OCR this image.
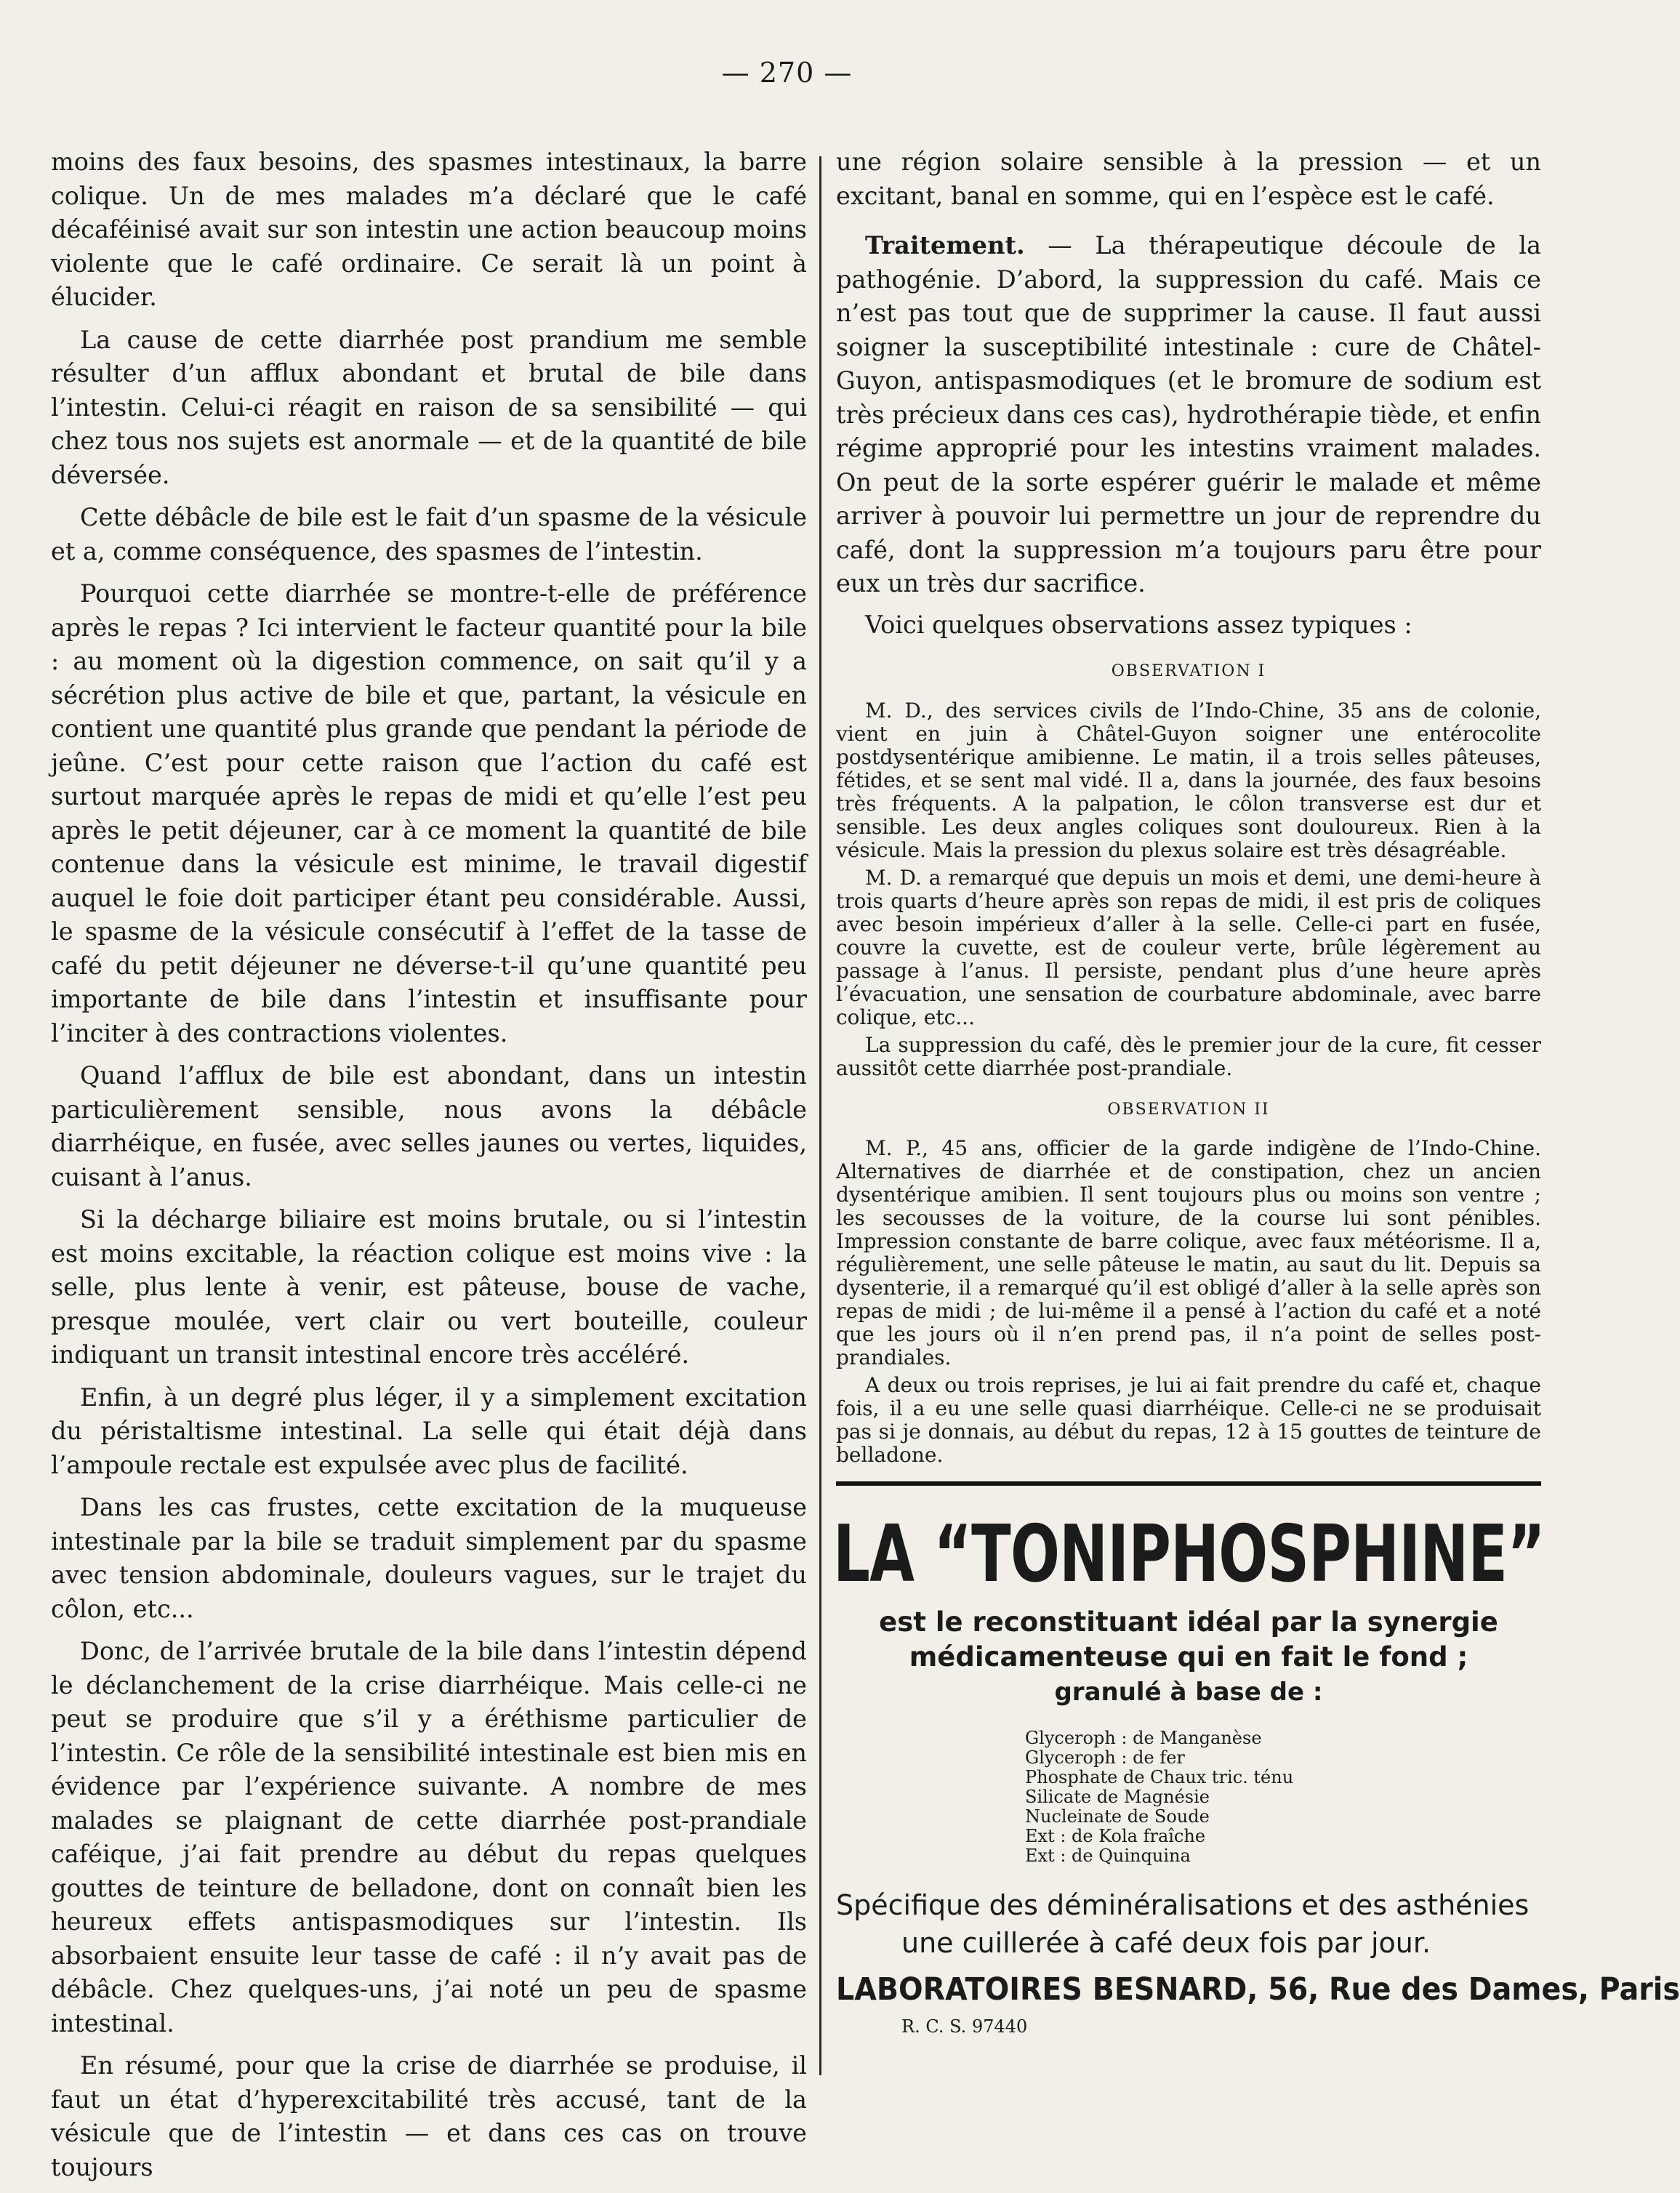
— 270 —

moins des faux besoins, des spasmes intestinaux, la barre colique. Un de mes malades m’a déclaré que le café décaféinisé avait sur son intestin une action beaucoup moins violente que le café ordinaire. Ce serait là un point à élucider.

La cause de cette diarrhée post prandium me semble résulter d’un afflux abondant et brutal de bile dans l’intestin. Celui-ci réagit en raison de sa sensibilité — qui chez tous nos sujets est anormale — et de la quantité de bile déversée.

Cette débâcle de bile est le fait d’un spasme de la vésicule et a, comme conséquence, des spasmes de l’intestin.

Pourquoi cette diarrhée se montre-t-elle de préférence après le repas ? Ici intervient le facteur quantité pour la bile : au moment où la digestion commence, on sait qu’il y a sécrétion plus active de bile et que, partant, la vésicule en contient une quantité plus grande que pendant la période de jeûne. C’est pour cette raison que l’action du café est surtout marquée après le repas de midi et qu’elle l’est peu après le petit déjeuner, car à ce moment la quantité de bile contenue dans la vésicule est minime, le travail digestif auquel le foie doit participer étant peu considérable. Aussi, le spasme de la vésicule consécutif à l’effet de la tasse de café du petit déjeuner ne déverse-t-il qu’une quantité peu importante de bile dans l’intestin et insuffisante pour l’inciter à des contractions violentes.

Quand l’afflux de bile est abondant, dans un intestin particulièrement sensible, nous avons la débâcle diarrhéique, en fusée, avec selles jaunes ou vertes, liquides, cuisant à l’anus.

Si la décharge biliaire est moins brutale, ou si l’intestin est moins excitable, la réaction colique est moins vive : la selle, plus lente à venir, est pâteuse, bouse de vache, presque moulée, vert clair ou vert bouteille, couleur indiquant un transit intestinal encore très accéléré.

Enfin, à un degré plus léger, il y a simplement excitation du péristaltisme intestinal. La selle qui était déjà dans l’ampoule rectale est expulsée avec plus de facilité.

Dans les cas frustes, cette excitation de la muqueuse intestinale par la bile se traduit simplement par du spasme avec tension abdominale, douleurs vagues, sur le trajet du côlon, etc...

Donc, de l’arrivée brutale de la bile dans l’intestin dépend le déclanchement de la crise diarrhéique. Mais celle-ci ne peut se produire que s’il y a éréthisme particulier de l’intestin. Ce rôle de la sensibilité intestinale est bien mis en évidence par l’expérience suivante. A nombre de mes malades se plaignant de cette diarrhée post-prandiale caféique, j’ai fait prendre au début du repas quelques gouttes de teinture de belladone, dont on connaît bien les heureux effets antispasmodiques sur l’intestin. Ils absorbaient ensuite leur tasse de café : il n’y avait pas de débâcle. Chez quelques-uns, j’ai noté un peu de spasme intestinal.

En résumé, pour que la crise de diarrhée se produise, il faut un état d’hyperexcitabilité très accusé, tant de la vésicule que de l’intestin — et dans ces cas on trouve toujours

une région solaire sensible à la pression — et un excitant, banal en somme, qui en l’espèce est le café.

Traitement. — La thérapeutique découle de la pathogénie. D’abord, la suppression du café. Mais ce n’est pas tout que de supprimer la cause. Il faut aussi soigner la susceptibilité intestinale : cure de Châtel-Guyon, antispasmodiques (et le bromure de sodium est très précieux dans ces cas), hydrothérapie tiède, et enfin régime approprié pour les intestins vraiment malades. On peut de la sorte espérer guérir le malade et même arriver à pouvoir lui permettre un jour de reprendre du café, dont la suppression m’a toujours paru être pour eux un très dur sacrifice.

Voici quelques observations assez typiques :

OBSERVATION I

M. D., des services civils de l’Indo-Chine, 35 ans de colonie, vient en juin à Châtel-Guyon soigner une entérocolite postdysentérique amibienne. Le matin, il a trois selles pâteuses, fétides, et se sent mal vidé. Il a, dans la journée, des faux besoins très fréquents. A la palpation, le côlon transverse est dur et sensible. Les deux angles coliques sont douloureux. Rien à la vésicule. Mais la pression du plexus solaire est très désagréable.

M. D. a remarqué que depuis un mois et demi, une demi-heure à trois quarts d’heure après son repas de midi, il est pris de coliques avec besoin impérieux d’aller à la selle. Celle-ci part en fusée, couvre la cuvette, est de couleur verte, brûle légèrement au passage à l’anus. Il persiste, pendant plus d’une heure après l’évacuation, une sensation de courbature abdominale, avec barre colique, etc...

La suppression du café, dès le premier jour de la cure, fit cesser aussitôt cette diarrhée post-prandiale.

OBSERVATION II

M. P., 45 ans, officier de la garde indigène de l’Indo-Chine. Alternatives de diarrhée et de constipation, chez un ancien dysentérique amibien. Il sent toujours plus ou moins son ventre ; les secousses de la voiture, de la course lui sont pénibles. Impression constante de barre colique, avec faux météorisme. Il a, régulièrement, une selle pâteuse le matin, au saut du lit. Depuis sa dysenterie, il a remarqué qu’il est obligé d’aller à la selle après son repas de midi ; de lui-même il a pensé à l’action du café et a noté que les jours où il n’en prend pas, il n’a point de selles post-prandiales.

A deux ou trois reprises, je lui ai fait prendre du café et, chaque fois, il a eu une selle quasi diarrhéique. Celle-ci ne se produisait pas si je donnais, au début du repas, 12 à 15 gouttes de teinture de belladone.

LA “TONIPHOSPHINE”
est le reconstituant idéal par la synergie
médicamenteuse qui en fait le fond ;
granulé à base de :
Glyceroph : de Manganèse
Glyceroph : de fer
Phosphate de Chaux tric. ténu
Silicate de Magnésie
Nucleinate de Soude
Ext : de Kola fraîche
Ext : de Quinquina
Spécifique des déminéralisations et des asthénies
une cuillerée à café deux fois par jour.
LABORATOIRES BESNARD, 56, Rue des Dames, Paris
R. C. S. 97440
